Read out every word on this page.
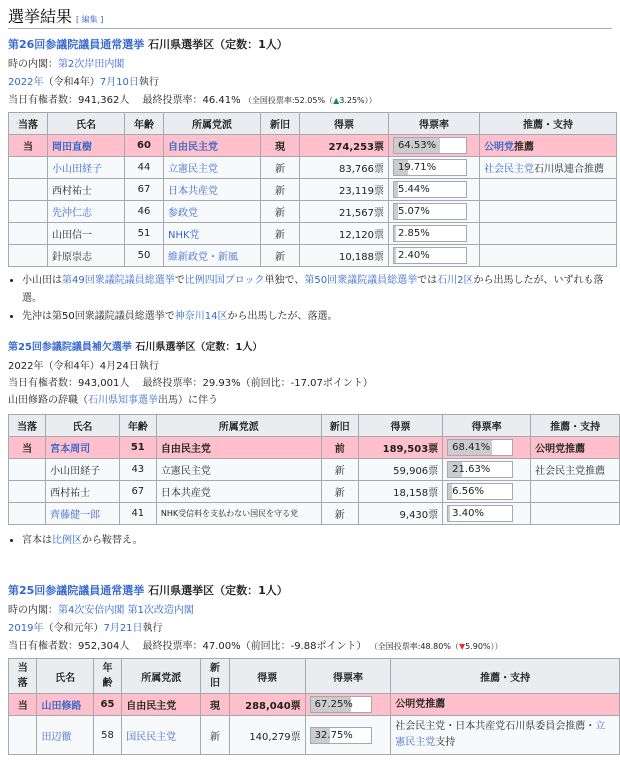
選挙結果 [ 編集 ]
第26回参議院議員通常選挙 石川県選挙区（定数：1人）
時の内閣：第2次岸田内閣
2022年（令和4年）7月10日執行
当日有権者数：941,362人　 最終投票率：46.41% （全国投票率:52.05%（▲3.25%））
当落	氏名	年齢	所属党派	新旧	得票	得票率	推薦・支持
当	岡田直樹	60	自由民主党	現	274,253票	64.53%	公明党推薦
	小山田経子	44	立憲民主党	新	83,766票	19.71%	社会民主党石川県連合推薦
	西村祐士	67	日本共産党	新	23,119票	5.44%	

	先沖仁志	46	参政党	新	21,567票	5.07%	

	山田信一	51	NHK党	新	12,120票	2.85%	

	針原崇志	50	維新政党・新風	新	10,188票	2.40%	

• 小山田は第49回衆議院議員総選挙で比例四国ブロック単独で、第50回衆議院議員総選挙では石川2区から出馬したが、いずれも落選。
• 先沖は第50回衆議院議員総選挙で神奈川14区から出馬したが、落選。
第25回参議院議員補欠選挙 石川県選挙区（定数：1人）
2022年（令和4年）4月24日執行
当日有権者数：943,001人　 最終投票率：29.93%（前回比：-17.07ポイント）
山田修路の辞職（石川県知事選挙出馬）に伴う
当落	氏名	年齢	所属党派	新旧	得票	得票率	推薦・支持
当	宮本周司	51	自由民主党	前	189,503票	68.41%	公明党推薦
	小山田経子	43	立憲民主党	新	59,906票	21.63%	社会民主党推薦
	西村祐士	67	日本共産党	新	18,158票	6.56%	

	齊藤健一郎	41	NHK受信料を支払わない国民を守る党	新	9,430票	3.40%	

• 宮本は比例区から鞍替え。
第25回参議院議員通常選挙 石川県選挙区（定数：1人）
時の内閣：第4次安倍内閣 第1次改造内閣
2019年（令和元年）7月21日執行
当日有権者数：952,304人　 最終投票率：47.00%（前回比：-9.88ポイント） （全国投票率:48.80%（▼5.90%））
当落	氏名	年齢	所属党派	新旧	得票	得票率	推薦・支持
当	山田修路	65	自由民主党	現	288,040票	67.25%	公明党推薦
	田辺徹	58	国民民主党	新	140,279票	32.75%	社会民主党・日本共産党石川県委員会推薦・立憲民主党支持
